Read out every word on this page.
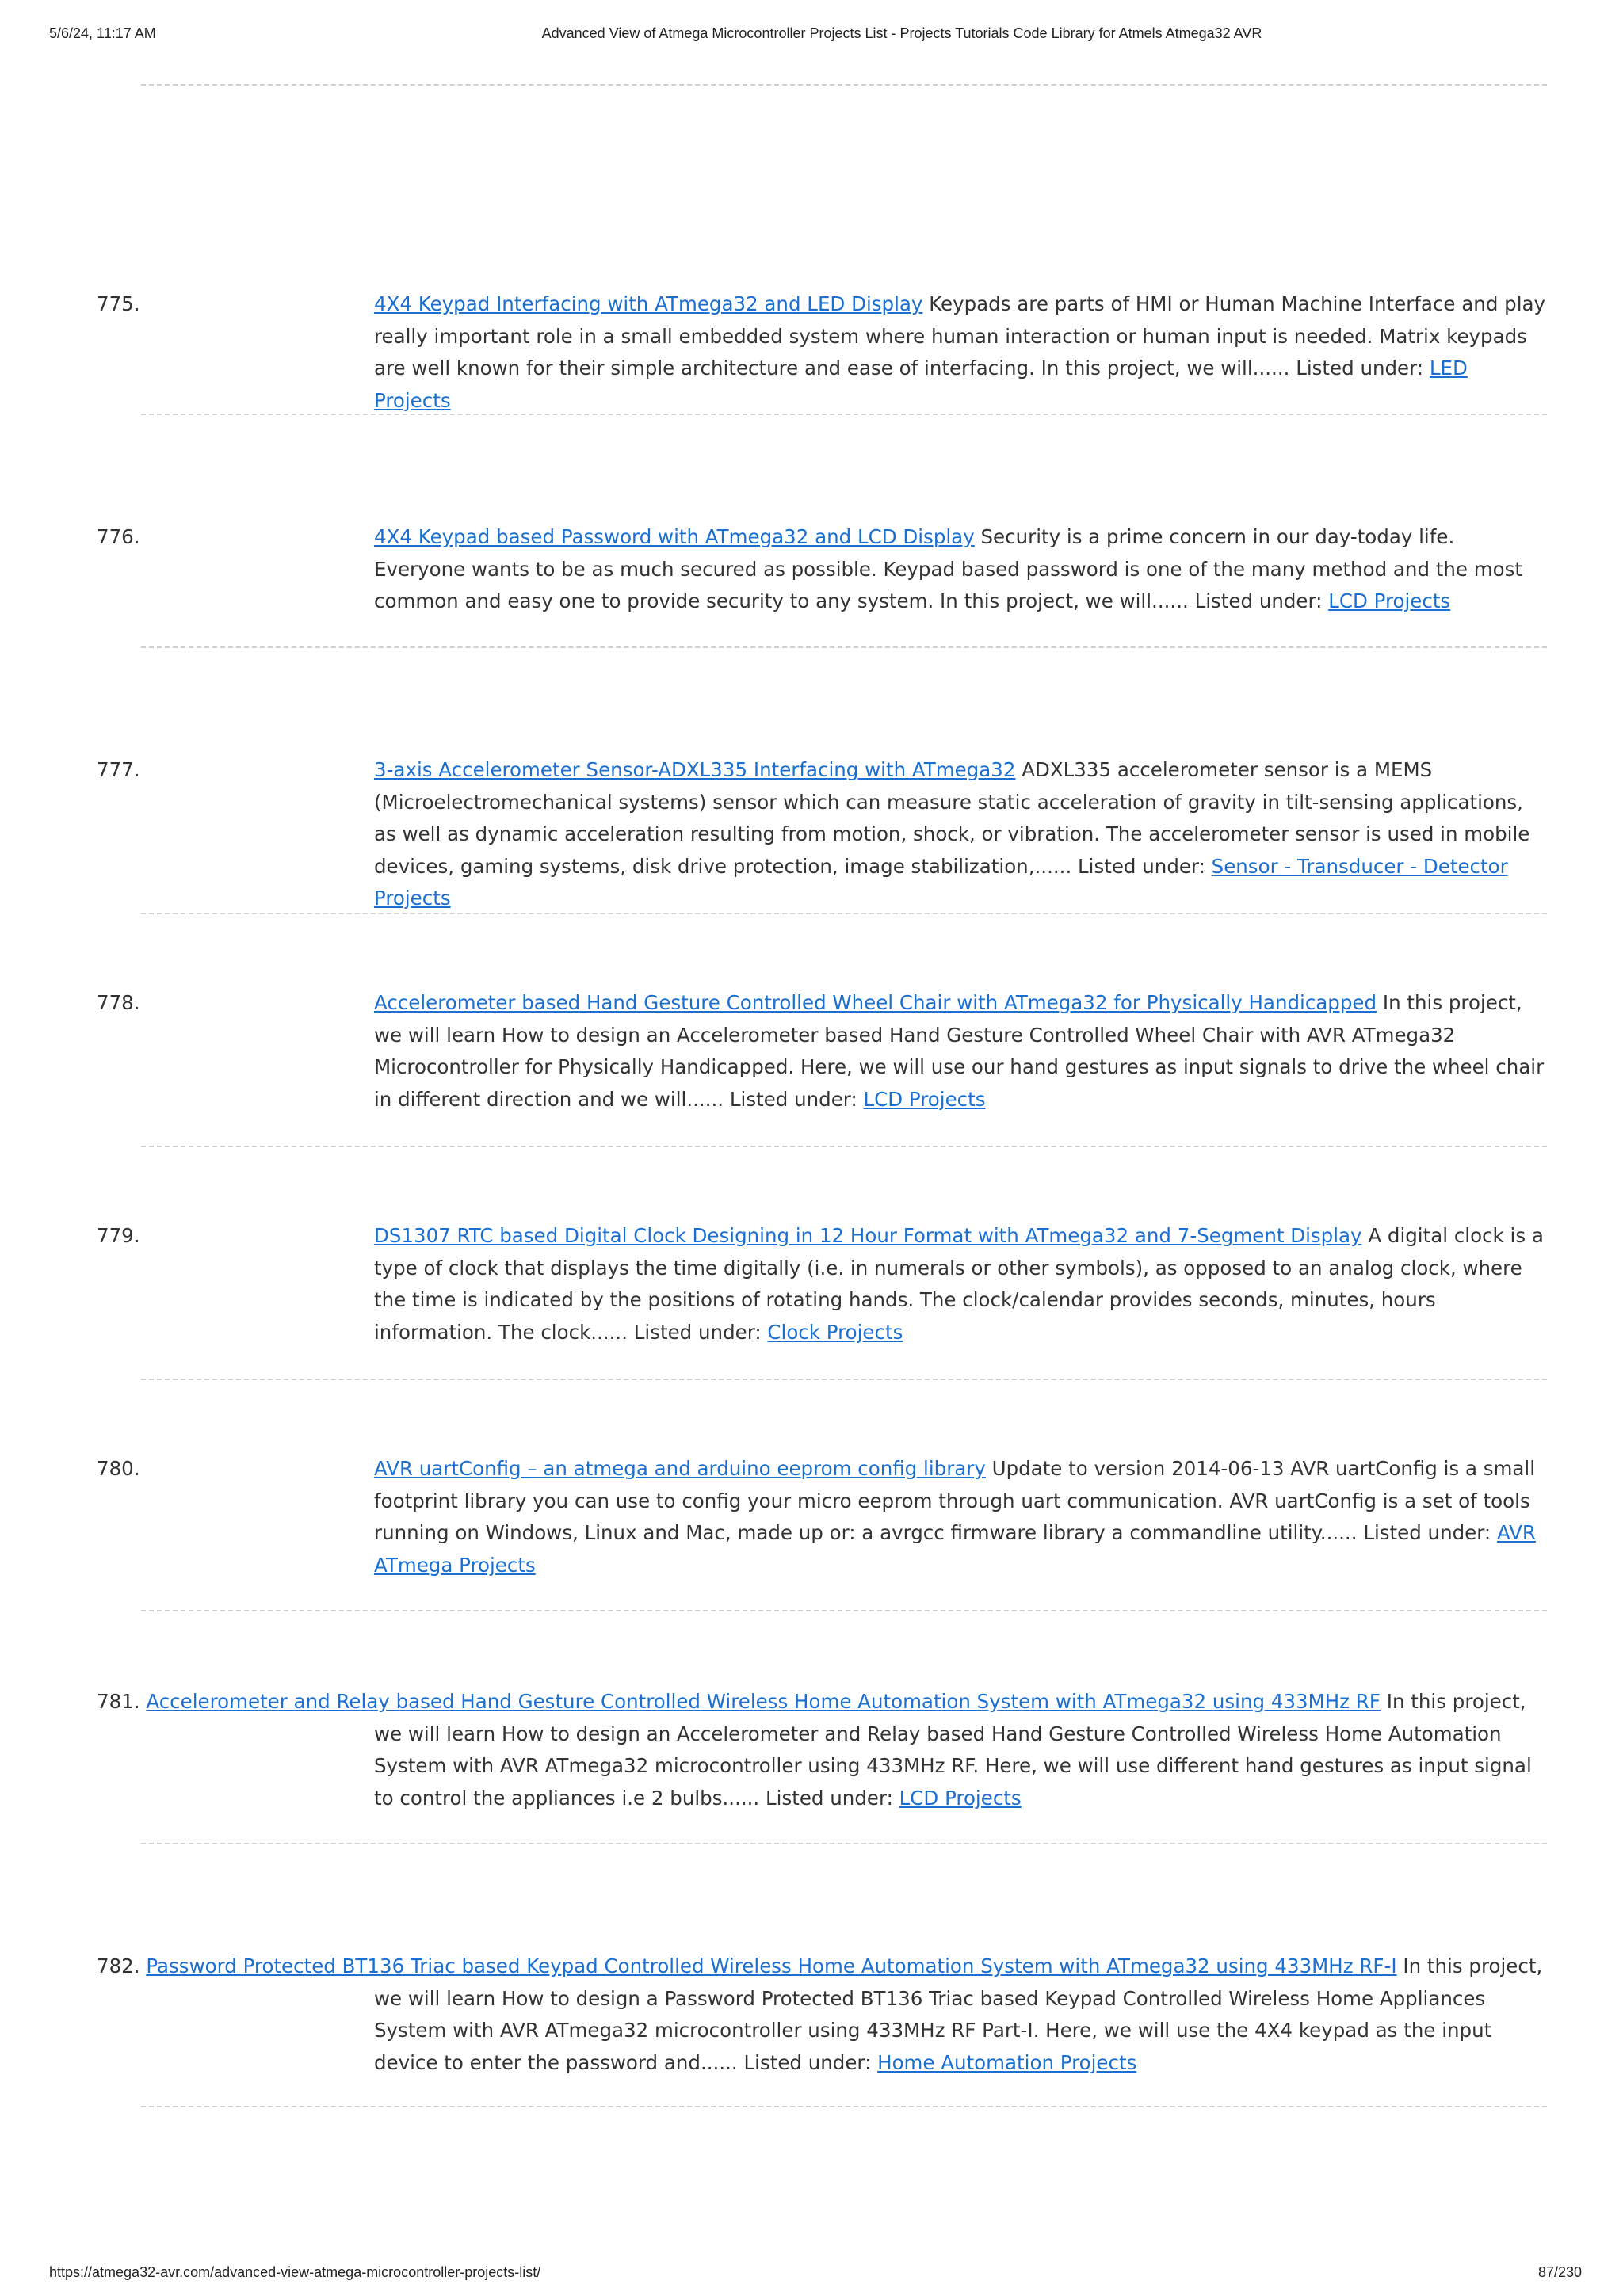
5/6/24, 11:17 AM	Advanced View of Atmega Microcontroller Projects List - Projects Tutorials Code Library for Atmels Atmega32 AVR
775.	4X4 Keypad Interfacing with ATmega32 and LED Display Keypads are parts of HMI or Human Machine Interface and play really important role in a small embedded system where human interaction or human input is needed. Matrix keypads are well known for their simple architecture and ease of interfacing. In this project, we will...... Listed under: LED Projects
776.	4X4 Keypad based Password with ATmega32 and LCD Display Security is a prime concern in our day-today life. Everyone wants to be as much secured as possible. Keypad based password is one of the many method and the most common and easy one to provide security to any system. In this project, we will...... Listed under: LCD Projects
777.	3-axis Accelerometer Sensor-ADXL335 Interfacing with ATmega32 ADXL335 accelerometer sensor is a MEMS (Microelectromechanical systems) sensor which can measure static acceleration of gravity in tilt-sensing applications, as well as dynamic acceleration resulting from motion, shock, or vibration. The accelerometer sensor is used in mobile devices, gaming systems, disk drive protection, image stabilization,...... Listed under: Sensor - Transducer - Detector Projects
778.	Accelerometer based Hand Gesture Controlled Wheel Chair with ATmega32 for Physically Handicapped In this project, we will learn How to design an Accelerometer based Hand Gesture Controlled Wheel Chair with AVR ATmega32 Microcontroller for Physically Handicapped. Here, we will use our hand gestures as input signals to drive the wheel chair in different direction and we will...... Listed under: LCD Projects
779.	DS1307 RTC based Digital Clock Designing in 12 Hour Format with ATmega32 and 7-Segment Display A digital clock is a type of clock that displays the time digitally (i.e. in numerals or other symbols), as opposed to an analog clock, where the time is indicated by the positions of rotating hands. The clock/calendar provides seconds, minutes, hours information. The clock...... Listed under: Clock Projects
780.	AVR uartConfig – an atmega and arduino eeprom config library Update to version 2014-06-13 AVR uartConfig is a small footprint library you can use to config your micro eeprom through uart communication. AVR uartConfig is a set of tools running on Windows, Linux and Mac, made up or: a avrgcc firmware library a commandline utility...... Listed under: AVR ATmega Projects
781. Accelerometer and Relay based Hand Gesture Controlled Wireless Home Automation System with ATmega32 using 433MHz RF In this project, we will learn How to design an Accelerometer and Relay based Hand Gesture Controlled Wireless Home Automation System with AVR ATmega32 microcontroller using 433MHz RF. Here, we will use different hand gestures as input signal to control the appliances i.e 2 bulbs...... Listed under: LCD Projects
782. Password Protected BT136 Triac based Keypad Controlled Wireless Home Automation System with ATmega32 using 433MHz RF-I In this project, we will learn How to design a Password Protected BT136 Triac based Keypad Controlled Wireless Home Appliances System with AVR ATmega32 microcontroller using 433MHz RF Part-I. Here, we will use the 4X4 keypad as the input device to enter the password and...... Listed under: Home Automation Projects
https://atmega32-avr.com/advanced-view-atmega-microcontroller-projects-list/	87/230
